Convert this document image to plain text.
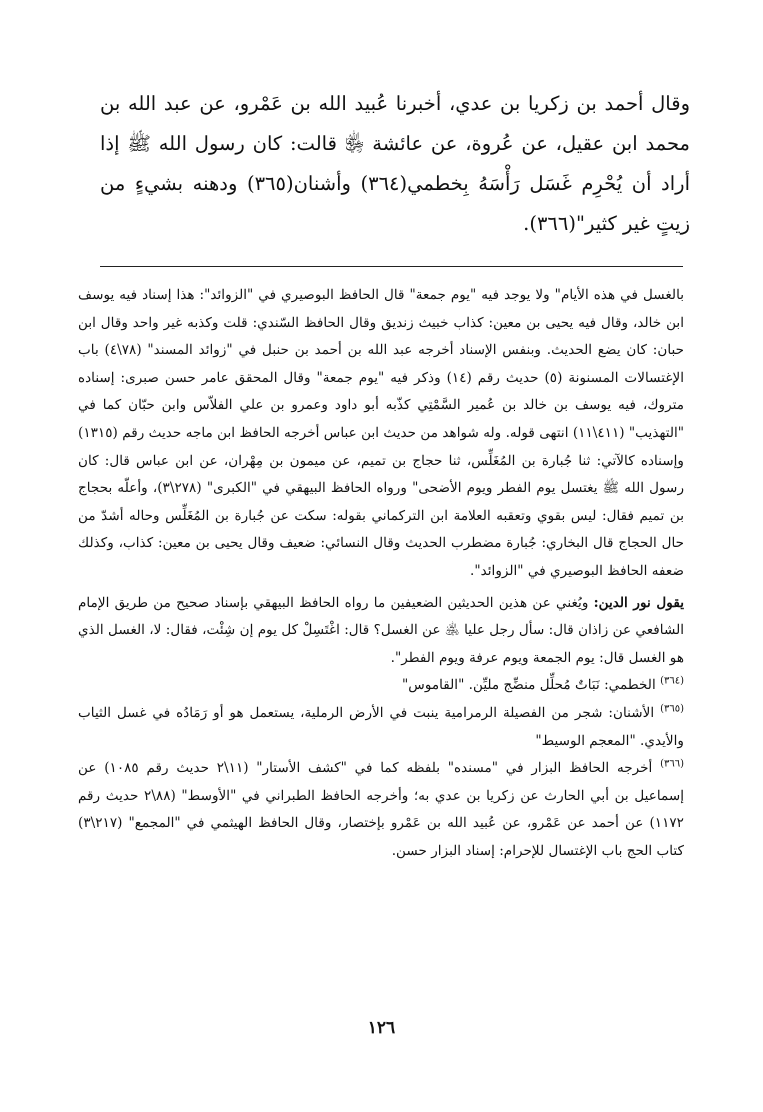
وقال أحمد بن زكريا بن عدي، أخبرنا عُبيد الله بن عَمْرو، عن عبد الله بن محمد ابن عقيل، عن عُروة، عن عائشة ﵂ قالت: كان رسول الله ﷺ إذا أراد أن يُحْرِم غَسَل رَأْسَهُ بِخطمي(٣٦٤) وأشنان(٣٦٥) ودهنه بشيءٍ من زيتٍ غير كثير"(٣٦٦).

بالغسل في هذه الأيام" ولا يوجد فيه "يوم جمعة" قال الحافظ البوصيري في "الزوائد": هذا إسناد فيه يوسف ابن خالد، وقال فيه يحيى بن معين: كذاب خبيث زنديق وقال الحافظ السّندي: قلت وكذبه غير واحد وقال ابن حبان: كان يضع الحديث. وبنفس الإسناد أخرجه عبد الله بن أحمد بن حنبل في "زوائد المسند" (٧٨\٤) باب الإغتسالات المسنونة (٥) حديث رقم (١٤) وذكر فيه "يوم جمعة" وقال المحقق عامر حسن صبرى: إسناده متروك، فيه يوسف بن خالد بن عُمير السَّمْتِي كذّبه أبو داود وعمرو بن علي الفلاّس وابن حبّان كما في "التهذيب" (٤١١\١١) انتهى قوله. وله شواهد من حديث ابن عباس أخرجه الحافظ ابن ماجه حديث رقم (١٣١٥) وإسناده كالآتي: ثنا جُبارة بن المُغَلِّس، ثنا حجاج بن تميم، عن ميمون بن مِهْران، عن ابن عباس قال: كان رسول الله ﷺ يغتسل يوم الفطر ويوم الأضحى" ورواه الحافظ البيهقي في "الكبرى" (٢٧٨\٣)، وأعلّه بحجاج بن تميم فقال: ليس بقوي وتعقبه العلامة ابن التركماني بقوله: سكت عن جُبارة بن المُغَلِّس وحاله أشدّ من حال الحجاج قال البخاري: جُبارة مضطرب الحديث وقال النسائي: ضعيف وقال يحيى بن معين: كذاب، وكذلك ضعفه الحافظ البوصيري في "الزوائد".

يقول نور الدين: ويُغني عن هذين الحديثين الضعيفين ما رواه الحافظ البيهقي بإسناد صحيح من طريق الإمام الشافعي عن زاذان قال: سأل رجل عليا ﵁ عن الغسل؟ قال: اغْتَسِلْ كل يوم إن شِئْت، فقال: لا، الغسل الذي هو الغسل قال: يوم الجمعة ويوم عرفة ويوم الفطر".

$^{(٣٦٤)}$ الخطمي: نَبَاتٌ مُحلِّل منضِّج مليِّن. "القاموس"

$^{(٣٦٥)}$ الأشنان: شجر من الفصيلة الرمرامية ينبت في الأرض الرملية، يستعمل هو أو رَمَادُه في غسل الثياب والأيدي. "المعجم الوسيط"

$^{(٣٦٦)}$ أخرجه الحافظ البزار في "مسنده" بلفظه كما في "كشف الأستار" (١١\٢ حديث رقم ١٠٨٥) عن إسماعيل بن أبي الحارث عن زكريا بن عدي به؛ وأخرجه الحافظ الطبراني في "الأوسط" (٨٨\٢ حديث رقم ١١٧٢) عن أحمد عن عَمْرو، عن عُبيد الله بن عَمْرو بإختصار، وقال الحافظ الهيثمي في "المجمع" (٢١٧\٣) كتاب الحج باب الإغتسال للإحرام: إسناد البزار حسن.

١٢٦
